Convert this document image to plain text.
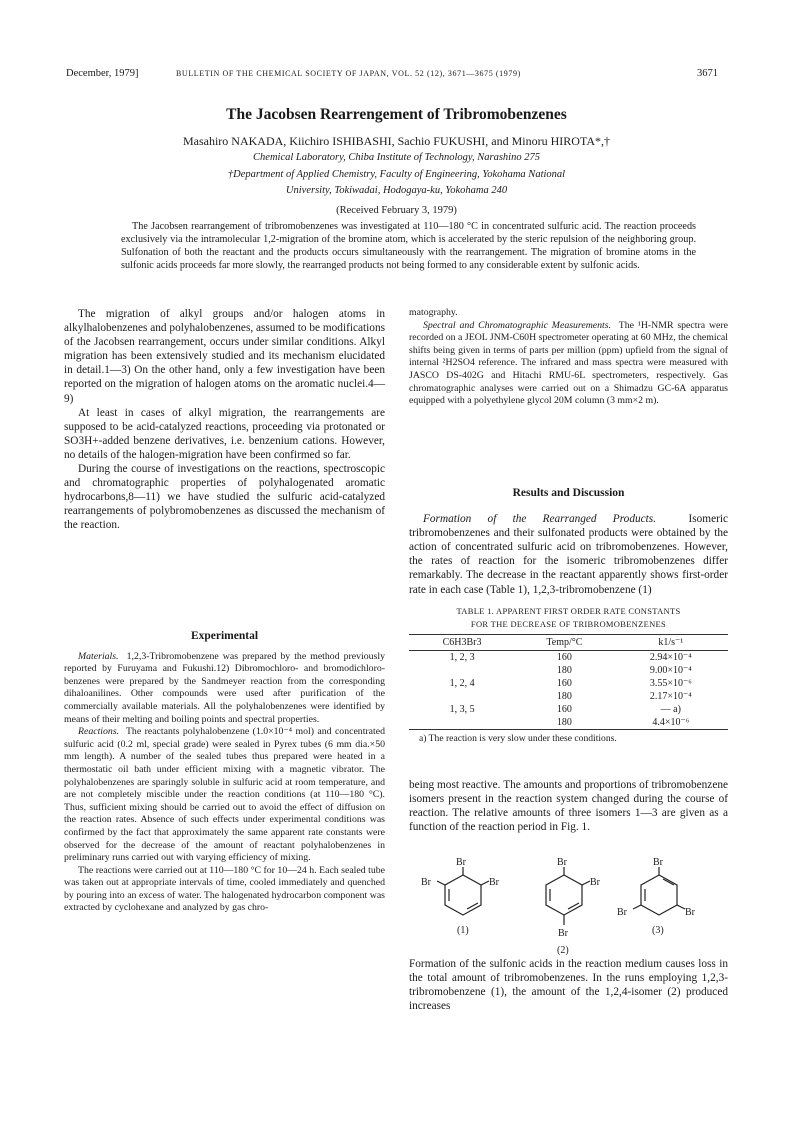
December, 1979]	BULLETIN OF THE CHEMICAL SOCIETY OF JAPAN, VOL. 52 (12), 3671—3675 (1979)	3671
The Jacobsen Rearrengement of Tribromobenzenes
Masahiro NAKADA, Kiichiro ISHIBASHI, Sachio FUKUSHI, and Minoru HIROTA*,†
Chemical Laboratory, Chiba Institute of Technology, Narashino 275
†Department of Applied Chemistry, Faculty of Engineering, Yokohama National
University, Tokiwadai, Hodogaya-ku, Yokohama 240
(Received February 3, 1979)
The Jacobsen rearrangement of tribromobenzenes was investigated at 110—180 °C in concentrated sulfuric acid. The reaction proceeds exclusively via the intramolecular 1,2-migration of the bromine atom, which is accelerated by the steric repulsion of the neighboring group. Sulfonation of both the reactant and the products occurs simultaneously with the rearrangement. The migration of bromine atoms in the sulfonic acids proceeds far more slowly, the rearranged products not being formed to any considerable extent by sulfonic acids.

The migration of alkyl groups and/or halogen atoms in alkylhalobenzenes and polyhalobenzenes, assumed to be modifications of the Jacobsen rearrangement, occurs under similar conditions. Alkyl migration has been extensively studied and its mechanism elucidated in detail.1—3) On the other hand, only a few investigation have been reported on the migration of halogen atoms on the aromatic nuclei.4—9)

At least in cases of alkyl migration, the rearrangements are supposed to be acid-catalyzed reactions, proceeding via protonated or SO3H+-added benzene derivatives, i.e. benzenium cations. However, no details of the halogen-migration have been confirmed so far.

During the course of investigations on the reactions, spectroscopic and chromatographic properties of polyhalogenated aromatic hydrocarbons,8—11) we have studied the sulfuric acid-catalyzed rearrangements of polybromobenzenes as discussed the mechanism of the reaction.

Experimental

Materials. 1,2,3-Tribromobenzene was prepared by the method previously reported by Furuyama and Fukushi.12) Dibromochloro- and bromodichloro-benzenes were prepared by the Sandmeyer reaction from the corresponding dihaloanilines. Other compounds were used after purification of the commercially available materials. All the polyhalobenzenes were identified by means of their melting and boiling points and spectral properties.

Reactions. The reactants polyhalobenzene (1.0×10⁻⁴ mol) and concentrated sulfuric acid (0.2 ml, special grade) were sealed in Pyrex tubes (6 mm dia.×50 mm length). A number of the sealed tubes thus prepared were heated in a thermostatic oil bath under efficient mixing with a magnetic vibrator. The polyhalobenzenes are sparingly soluble in sulfuric acid at room temperature, and are not completely miscible under the reaction conditions (at 110—180 °C). Thus, sufficient mixing should be carried out to avoid the effect of diffusion on the reaction rates. Absence of such effects under experimental conditions was confirmed by the fact that approximately the same apparent rate constants were observed for the decrease of the amount of reactant polyhalobenzenes in preliminary runs carried out with varying efficiency of mixing.

The reactions were carried out at 110—180 °C for 10—24 h. Each sealed tube was taken out at appropriate intervals of time, cooled immediately and quenched by pouring into an excess of water. The halogenated hydrocarbon component was extracted by cyclohexane and analyzed by gas chro-

matography.

Spectral and Chromatographic Measurements. The ¹H-NMR spectra were recorded on a JEOL JNM-C60H spectrometer operating at 60 MHz, the chemical shifts being given in terms of parts per million (ppm) upfield from the signal of internal ²H2SO4 reference. The infrared and mass spectra were measured with JASCO DS-402G and Hitachi RMU-6L spectrometers, respectively. Gas chromatographic analyses were carried out on a Shimadzu GC-6A apparatus equipped with a polyethylene glycol 20M column (3 mm×2 m).

Results and Discussion

Formation of the Rearranged Products.	Isomeric tribromobenzenes and their sulfonated products were obtained by the action of concentrated sulfuric acid on tribromobenzenes. However, the rates of reaction for the isomeric tribromobenzenes differ remarkably. The decrease in the reactant apparently shows first-order rate in each case (Table 1), 1,2,3-tribromobenzene (1)

TABLE 1. APPARENT FIRST ORDER RATE CONSTANTS
FOR THE DECREASE OF TRIBROMOBENZENES
C6H3Br3	Temp/°C	k1/s⁻¹
1, 2, 3	160	2.94×10⁻⁴
	180	9.00×10⁻⁴
1, 2, 4	160	3.55×10⁻⁶
	180	2.17×10⁻⁴
1, 3, 5	160	— a)
	180	4.4×10⁻⁶
a) The reaction is very slow under these conditions.
being most reactive. The amounts and proportions of tribromobenzene isomers present in the reaction system changed during the course of reaction. The relative amounts of three isomers 1—3 are given as a function of the reaction period in Fig. 1.
Br
Br
Br
(1)
Br
Br
Br
(2)
Br
Br
Br
(3)
Formation of the sulfonic acids in the reaction medium causes loss in the total amount of tribromobenzenes. In the runs employing 1,2,3-tribromobenzene (1), the amount of the 1,2,4-isomer (2) produced increases
